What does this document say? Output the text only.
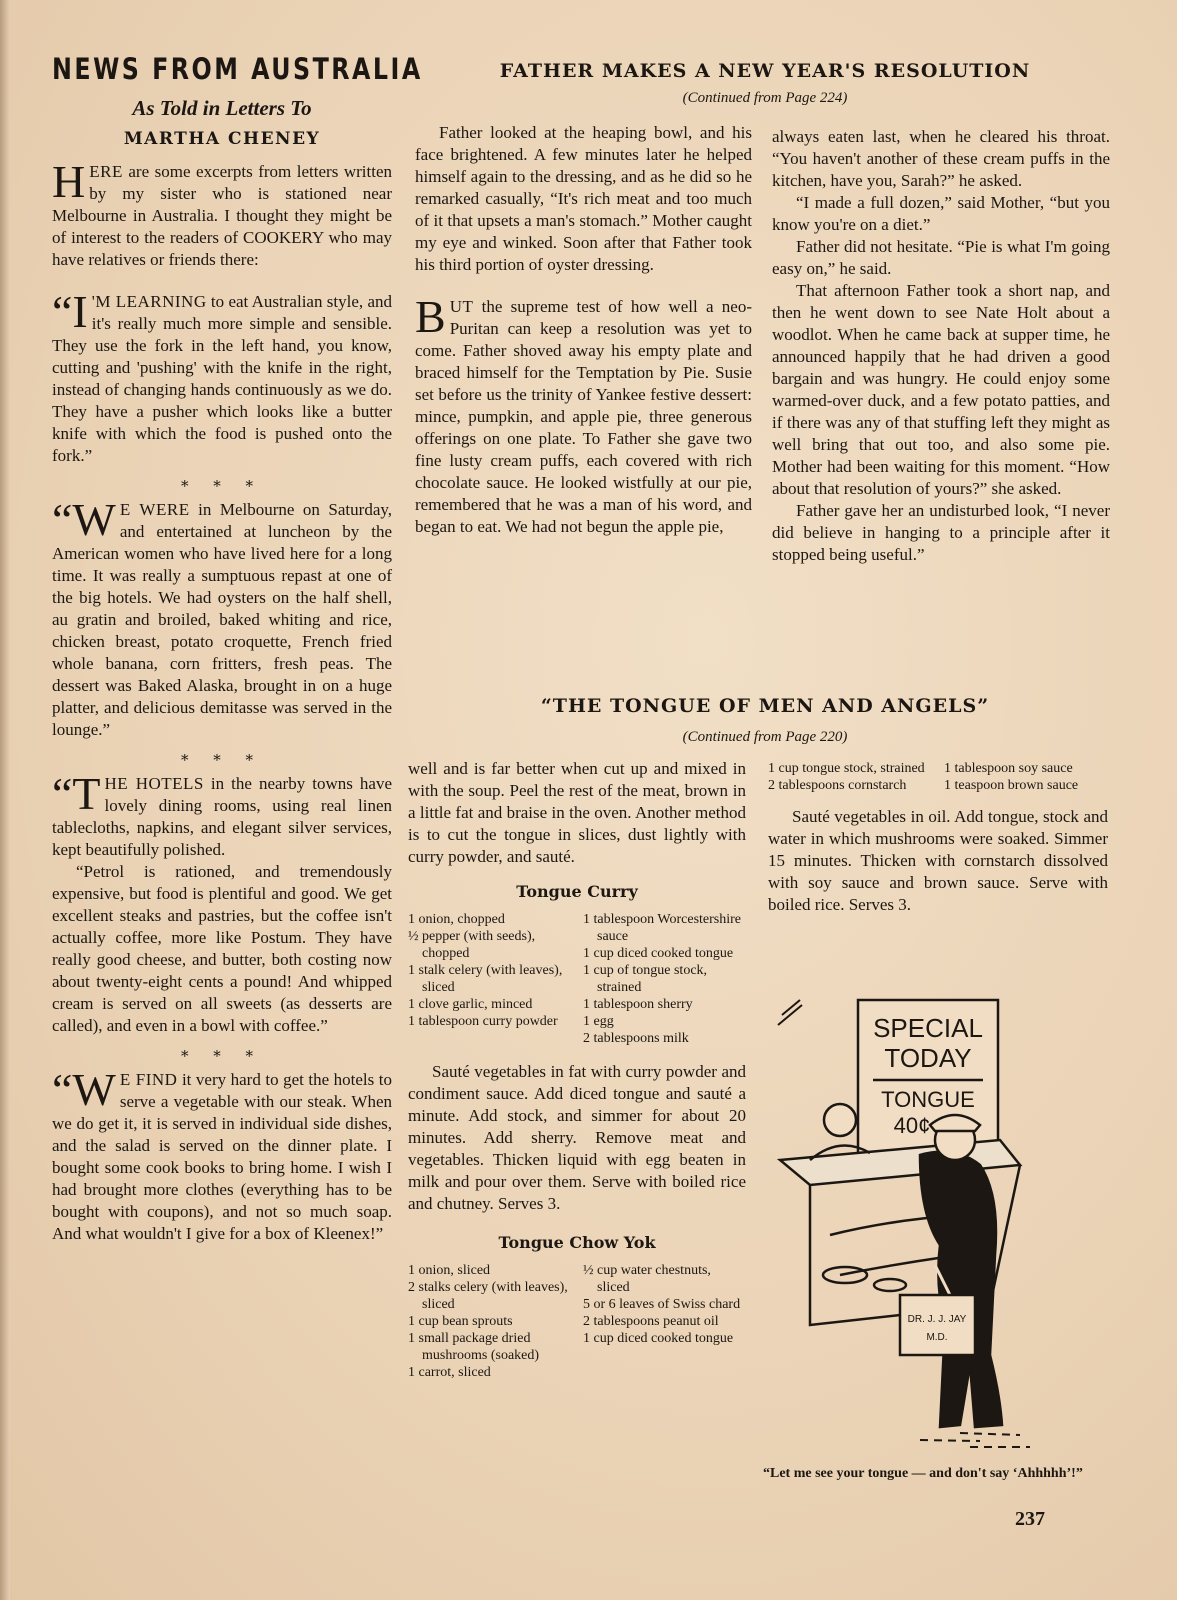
NEWS FROM AUSTRALIA
As Told in Letters To
MARTHA CHENEY

HERE are some excerpts from letters written by my sister who is stationed near Melbourne in Australia. I thought they might be of interest to the readers of COOKERY who may have relatives or friends there:

“I 'M LEARNING to eat Australian style, and it's really much more simple and sensible. They use the fork in the left hand, you know, cutting and 'pushing' with the knife in the right, instead of changing hands continuously as we do. They have a pusher which looks like a butter knife with which the food is pushed onto the fork.”

* * *

“W E WERE in Melbourne on Saturday, and entertained at luncheon by the American women who have lived here for a long time. It was really a sumptuous repast at one of the big hotels. We had oysters on the half shell, au gratin and broiled, baked whiting and rice, chicken breast, potato croquette, French fried whole banana, corn fritters, fresh peas. The dessert was Baked Alaska, brought in on a huge platter, and delicious demitasse was served in the lounge.”

* * *

“THE HOTELS in the nearby towns have lovely dining rooms, using real linen tablecloths, napkins, and elegant silver services, kept beautifully polished.

“Petrol is rationed, and tremendously expensive, but food is plentiful and good. We get excellent steaks and pastries, but the coffee isn't actually coffee, more like Postum. They have really good cheese, and butter, both costing now about twenty-eight cents a pound! And whipped cream is served on all sweets (as desserts are called), and even in a bowl with coffee.”

* * *

“W E FIND it very hard to get the hotels to serve a vegetable with our steak. When we do get it, it is served in individual side dishes, and the salad is served on the dinner plate. I bought some cook books to bring home. I wish I had brought more clothes (everything has to be bought with coupons), and not so much soap. And what wouldn't I give for a box of Kleenex!”

FATHER MAKES A NEW YEAR'S RESOLUTION
(Continued from Page 224)

Father looked at the heaping bowl, and his face brightened. A few minutes later he helped himself again to the dressing, and as he did so he remarked casually, “It's rich meat and too much of it that upsets a man's stomach.” Mother caught my eye and winked. Soon after that Father took his third portion of oyster dressing.

BUT the supreme test of how well a neo-Puritan can keep a resolution was yet to come. Father shoved away his empty plate and braced himself for the Temptation by Pie. Susie set before us the trinity of Yankee festive dessert: mince, pumpkin, and apple pie, three generous offerings on one plate. To Father she gave two fine lusty cream puffs, each covered with rich chocolate sauce. He looked wistfully at our pie, remembered that he was a man of his word, and began to eat. We had not begun the apple pie,

always eaten last, when he cleared his throat. “You haven't another of these cream puffs in the kitchen, have you, Sarah?” he asked.

“I made a full dozen,” said Mother, “but you know you're on a diet.”

Father did not hesitate. “Pie is what I'm going easy on,” he said.

That afternoon Father took a short nap, and then he went down to see Nate Holt about a woodlot. When he came back at supper time, he announced happily that he had driven a good bargain and was hungry. He could enjoy some warmed-over duck, and a few potato patties, and if there was any of that stuffing left they might as well bring that out too, and also some pie. Mother had been waiting for this moment. “How about that resolution of yours?” she asked.

Father gave her an undisturbed look, “I never did believe in hanging to a principle after it stopped being useful.”

“THE TONGUE OF MEN AND ANGELS”
(Continued from Page 220)

well and is far better when cut up and mixed in with the soup. Peel the rest of the meat, brown in a little fat and braise in the oven. Another method is to cut the tongue in slices, dust lightly with curry powder, and sauté.

Tongue Curry
1 onion, chopped
½ pepper (with seeds), chopped
1 stalk celery (with leaves), sliced
1 clove garlic, minced
1 tablespoon curry powder
1 tablespoon Worcestershire sauce
1 cup diced cooked tongue
1 cup of tongue stock, strained
1 tablespoon sherry
1 egg
2 tablespoons milk

Sauté vegetables in fat with curry powder and condiment sauce. Add diced tongue and sauté a minute. Add stock, and simmer for about 20 minutes. Add sherry. Remove meat and vegetables. Thicken liquid with egg beaten in milk and pour over them. Serve with boiled rice and chutney. Serves 3.

Tongue Chow Yok
1 onion, sliced
2 stalks celery (with leaves), sliced
1 cup bean sprouts
1 small package dried mushrooms (soaked)
1 carrot, sliced
½ cup water chestnuts, sliced
5 or 6 leaves of Swiss chard
2 tablespoons peanut oil
1 cup diced cooked tongue
1 cup tongue stock, strained
2 tablespoons cornstarch
1 tablespoon soy sauce
1 teaspoon brown sauce

Sauté vegetables in oil. Add tongue, stock and water in which mushrooms were soaked. Simmer 15 minutes. Thicken with cornstarch dissolved with soy sauce and brown sauce. Serve with boiled rice. Serves 3.

SPECIAL
TODAY
TONGUE
40¢
DR. J. J. JAY
M.D.
“Let me see your tongue — and don't say ‘Ahhhhh’!”
237
